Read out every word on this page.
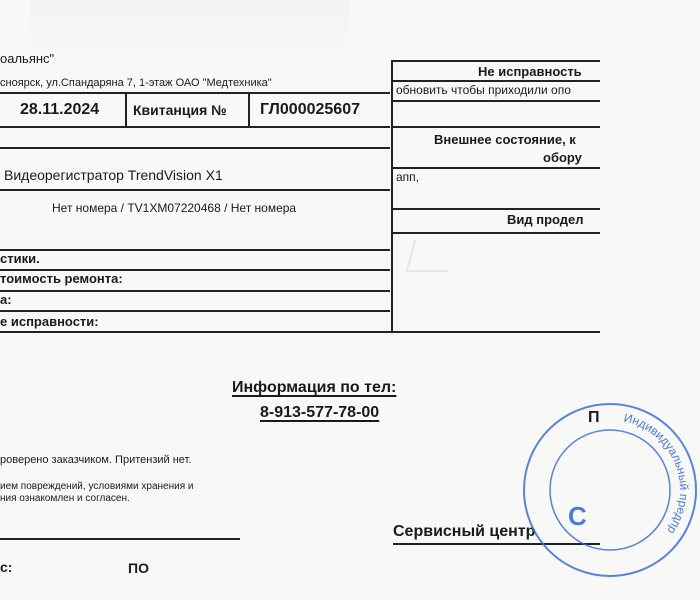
оальянс"
сноярск, ул.Спандаряна 7, 1-этаж ОАО "Медтехника"
28.11.2024 Квитанция № ГЛ000025607
Видеорегистратор TrendVision X1
Нет номера / TV1XM07220468 / Нет номера
стики.
тоимость ремонта:
а:
е исправности:
Не исправность
обновить чтобы приходили опо
Внешнее состояние, к
обору
апп,
Вид продел
Информация по тел:
8-913-577-78-00
роверено заказчиком. Притензий нет.
ием повреждений, условиями хранения и
ния ознакомлен и согласен.
Сервисный центр
с:	ПО
П Индивидуальный предпр
С
